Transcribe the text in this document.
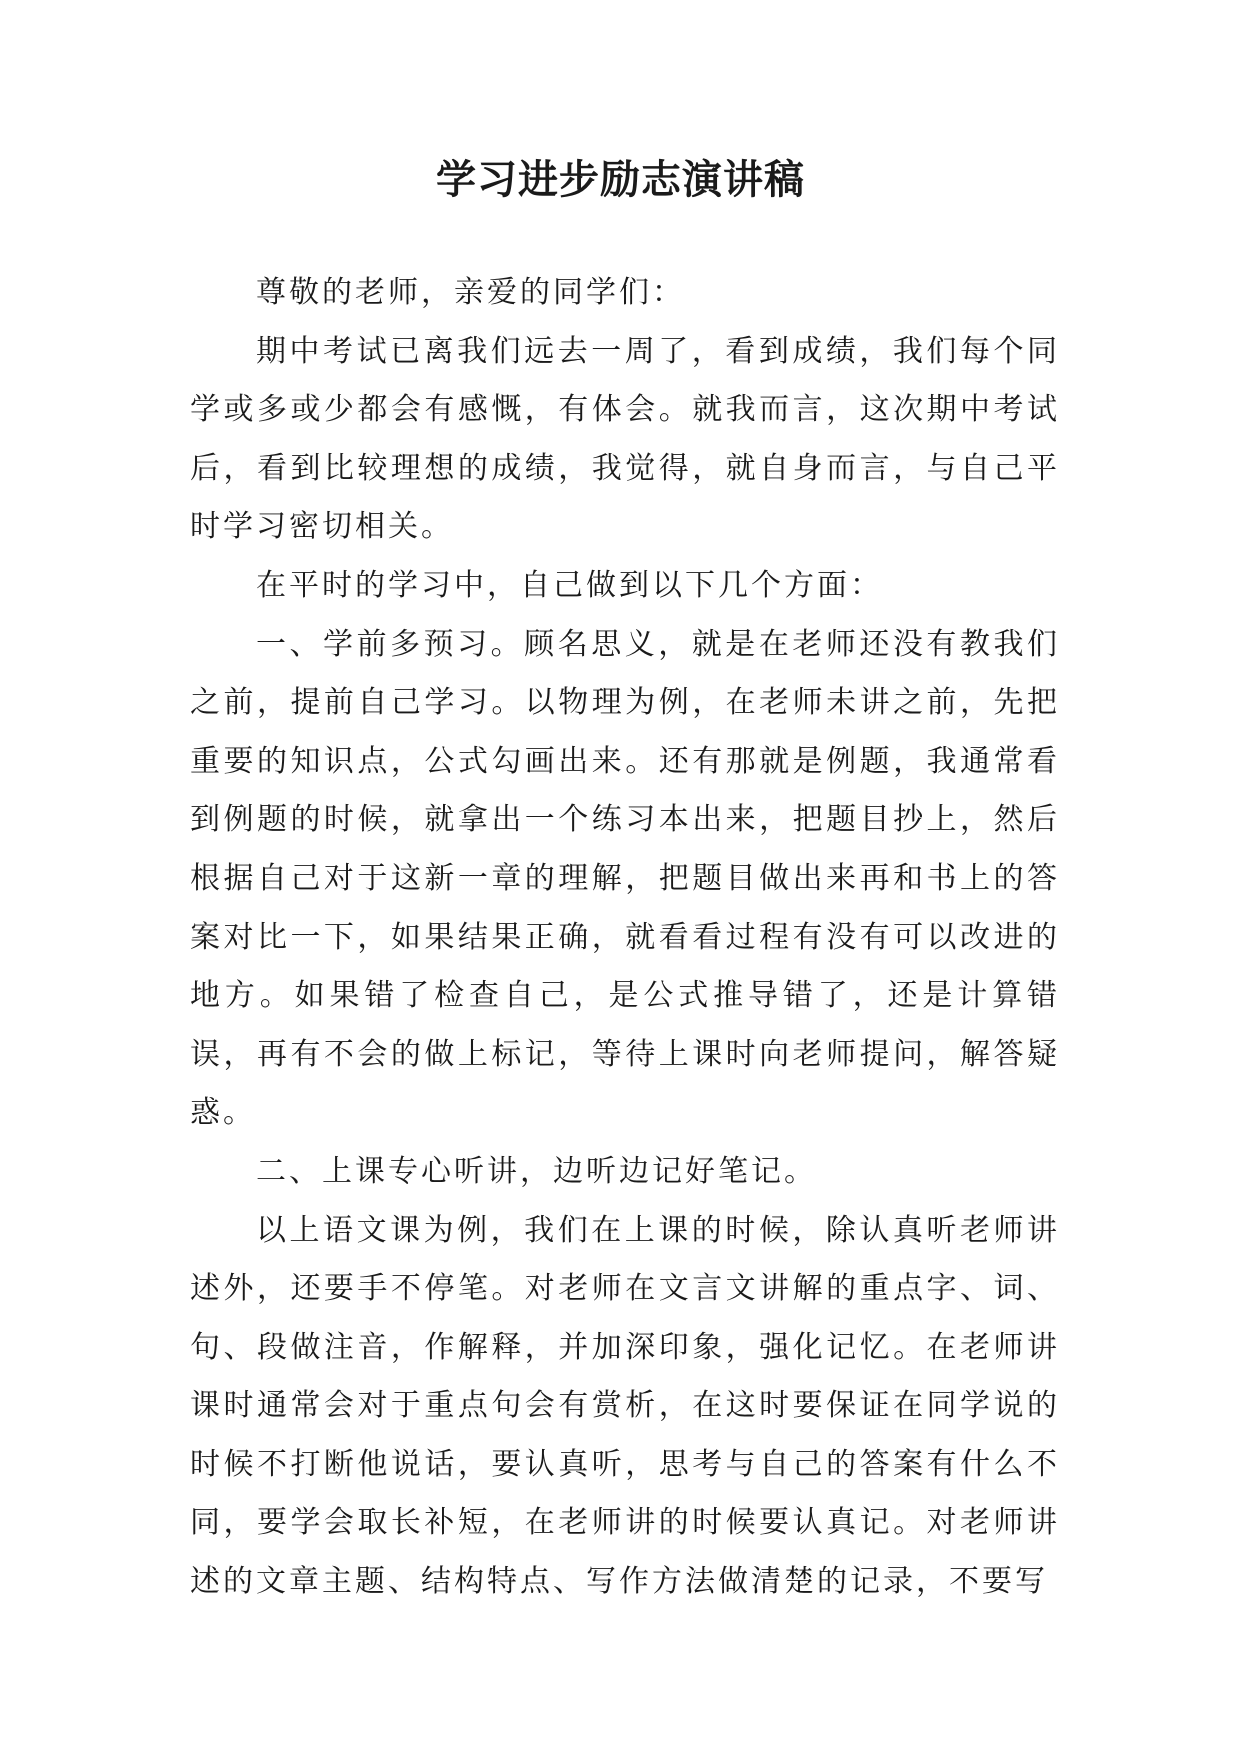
学习进步励志演讲稿

尊敬的老师，亲爱的同学们：

期中考试已离我们远去一周了，看到成绩，我们每个同学或多或少都会有感慨，有体会。就我而言，这次期中考试后，看到比较理想的成绩，我觉得，就自身而言，与自己平时学习密切相关。

在平时的学习中，自己做到以下几个方面：

一、学前多预习。顾名思义，就是在老师还没有教我们之前，提前自己学习。以物理为例，在老师未讲之前，先把重要的知识点，公式勾画出来。还有那就是例题，我通常看到例题的时候，就拿出一个练习本出来，把题目抄上，然后根据自己对于这新一章的理解，把题目做出来再和书上的答案对比一下，如果结果正确，就看看过程有没有可以改进的地方。如果错了检查自己，是公式推导错了，还是计算错误，再有不会的做上标记，等待上课时向老师提问，解答疑惑。

二、上课专心听讲，边听边记好笔记。

以上语文课为例，我们在上课的时候，除认真听老师讲述外，还要手不停笔。对老师在文言文讲解的重点字、词、句、段做注音，作解释，并加深印象，强化记忆。在老师讲课时通常会对于重点句会有赏析，在这时要保证在同学说的时候不打断他说话，要认真听，思考与自己的答案有什么不同，要学会取长补短，在老师讲的时候要认真记。对老师讲述的文章主题、结构特点、写作方法做清楚的记录，不要写
